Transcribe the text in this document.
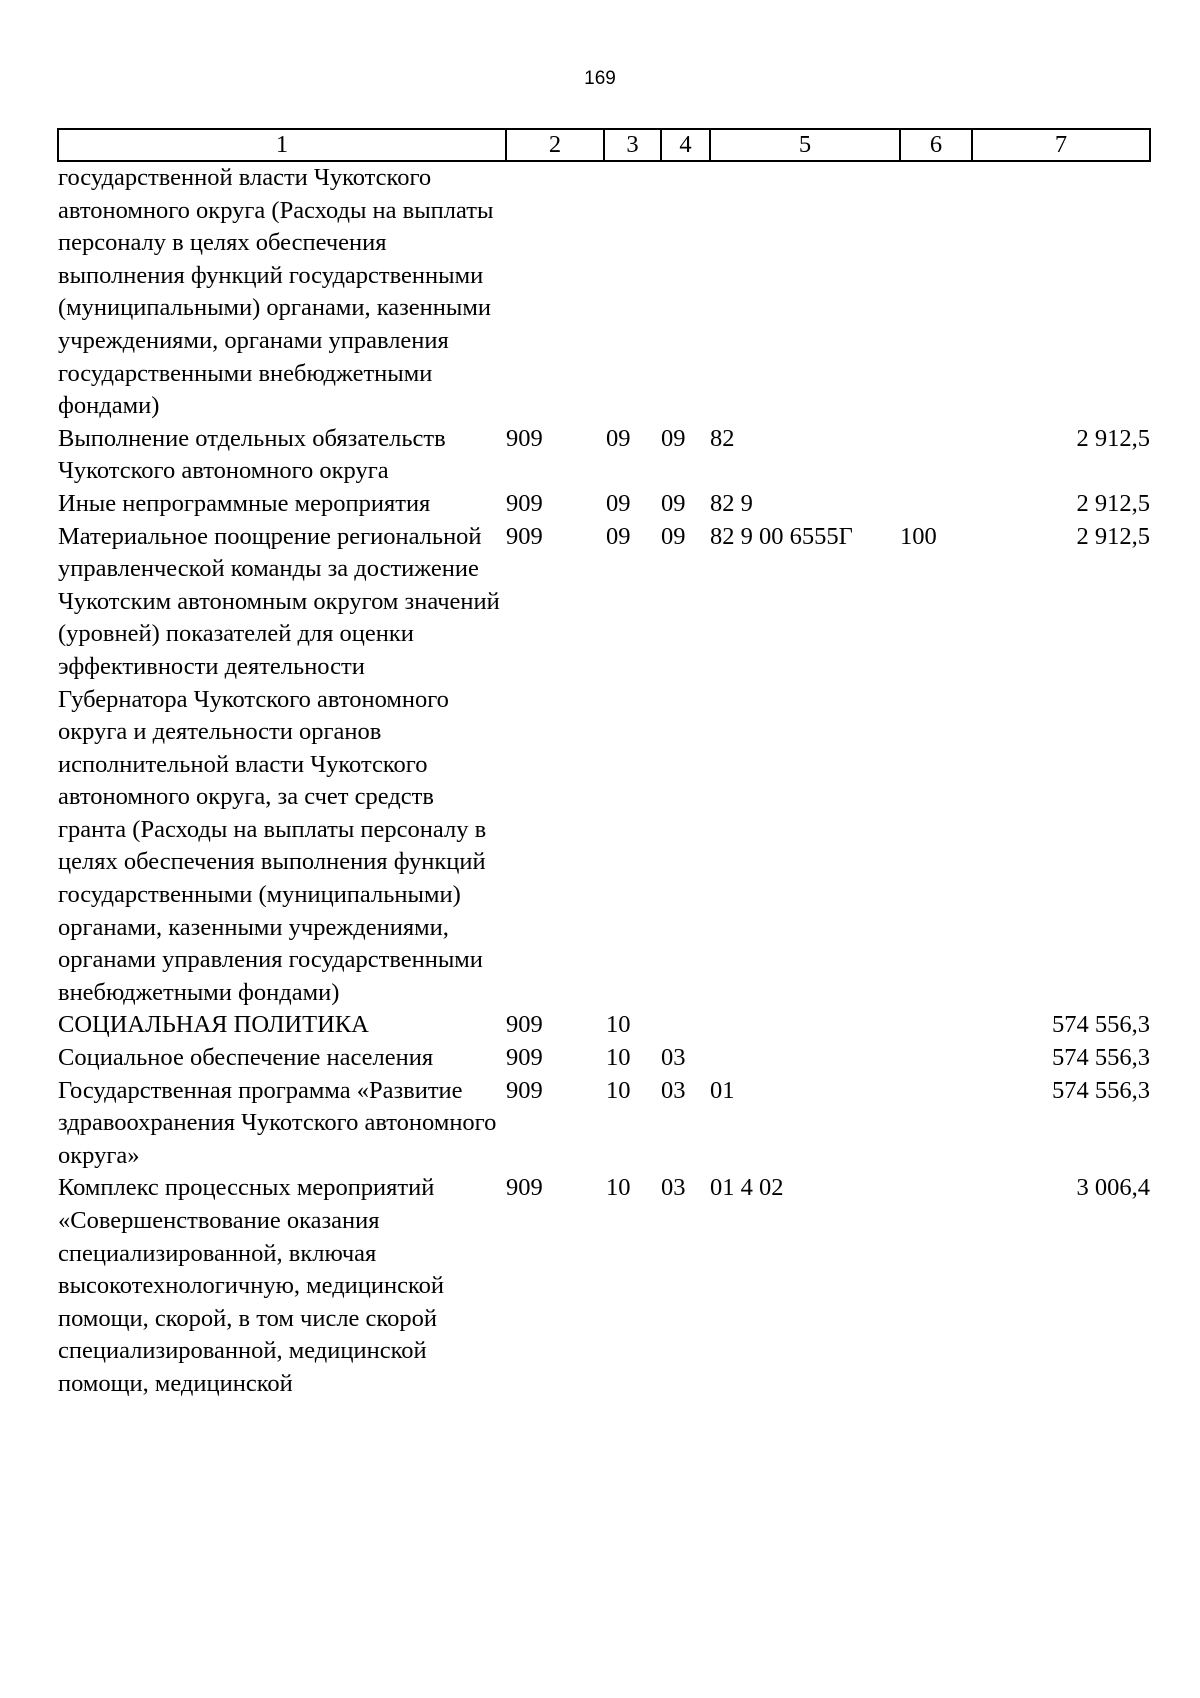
169
1	2	3	4	5	6	7
государственной власти Чукотского автономного округа (Расходы на выплаты персоналу в целях обеспечения выполнения функций государственными (муниципальными) органами, казенными учреждениями, органами управления государственными внебюджетными фондами)						
Выполнение отдельных обязательств Чукотского автономного округа	909	09	09	82		2 912,5
Иные непрограммные мероприятия	909	09	09	82 9		2 912,5
Материальное поощрение региональной управленческой команды за достижение Чукотским автономным округом значений (уровней) показателей для оценки эффективности деятельности Губернатора Чукотского автономного округа и деятельности органов исполнительной власти Чукотского автономного округа, за счет средств гранта (Расходы на выплаты персоналу в целях обеспечения выполнения функций государственными (муниципальными) органами, казенными учреждениями, органами управления государственными внебюджетными фондами)	909	09	09	82 9 00 6555Г	100	2 912,5
СОЦИАЛЬНАЯ ПОЛИТИКА	909	10				574 556,3
Социальное обеспечение населения	909	10	03			574 556,3
Государственная программа «Развитие здравоохранения Чукотского автономного округа»	909	10	03	01		574 556,3
Комплекс процессных мероприятий «Совершенствование оказания специализированной, включая высокотехнологичную, медицинской помощи, скорой, в том числе скорой специализированной, медицинской помощи, медицинской	909	10	03	01 4 02		3 006,4
